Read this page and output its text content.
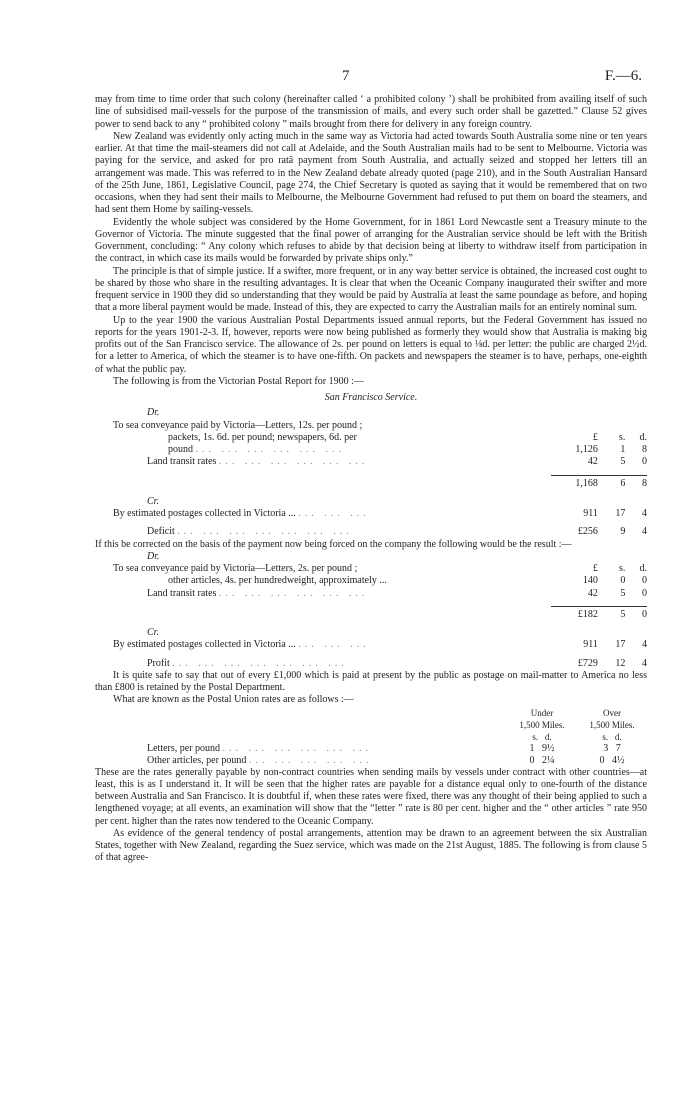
7	F.—6.

may from time to time order that such colony (hereinafter called ‘ a prohibited colony ’) shall be prohibited from availing itself of such line of subsidised mail-vessels for the purpose of the transmission of mails, and every such order shall be gazetted.” Clause 52 gives power to send back to any “ prohibited colony ” mails brought from there for delivery in any foreign country.

New Zealand was evidently only acting much in the same way as Victoria had acted towards South Australia some nine or ten years earlier. At that time the mail-steamers did not call at Adelaide, and the South Australian mails had to be sent to Melbourne. Victoria was paying for the service, and asked for pro ratâ payment from South Australia, and actually seized and stopped her letters till an arrangement was made. This was referred to in the New Zealand debate already quoted (page 210), and in the South Australian Hansard of the 25th June, 1861, Legislative Council, page 274, the Chief Secretary is quoted as saying that it would be remembered that on two occasions, when they had sent their mails to Melbourne, the Melbourne Government had refused to put them on board the steamers, and had sent them Home by sailing-vessels.

Evidently the whole subject was considered by the Home Government, for in 1861 Lord Newcastle sent a Treasury minute to the Governor of Victoria. The minute suggested that the final power of arranging for the Australian service should be left with the British Government, concluding: “ Any colony which refuses to abide by that decision being at liberty to withdraw itself from participation in the contract, in which case its mails would be forwarded by private ships only.”

The principle is that of simple justice. If a swifter, more frequent, or in any way better service is obtained, the increased cost ought to be shared by those who share in the resulting advantages. It is clear that when the Oceanic Company inaugurated their swifter and more frequent service in 1900 they did so understanding that they would be paid by Australia at least the same poundage as before, and hoping that a more liberal payment would be made. Instead of this, they are expected to carry the Australian mails for an entirely nominal sum.

Up to the year 1900 the various Australian Postal Departments issued annual reports, but the Federal Government has issued no reports for the years 1901-2-3. If, however, reports were now being published as formerly they would show that Australia is making big profits out of the San Francisco service. The allowance of 2s. per pound on letters is equal to ⅛d. per letter: the public are charged 2½d. for a letter to America, of which the steamer is to have one-fifth. On packets and newspapers the steamer is to have, perhaps, one-eighth of what the public pay.

The following is from the Victorian Postal Report for 1900 :—

San Francisco Service.

Dr.			
To sea conveyance paid by Victoria—Letters, 12s. per pound ;			
packets, 1s. 6d. per pound; newspapers, 6d. per	£	s.	d.
pound ... ... ... ... ... ...	1,126	1	8
Land transit rates ... ... ... ... ... ...	42	5	0

	1,168	6	8

Cr.			
By estimated postages collected in Victoria ... ... ... ...	911	17	4

Deficit ... ... ... ... ... ... ...	£256	9	4

If this be corrected on the basis of the payment now being forced on the company the following would be the result :—

Dr.			
To sea conveyance paid by Victoria—Letters, 2s. per pound ;	£	s.	d.
other articles, 4s. per hundredweight, approximately ...	140	0	0
Land transit rates ... ... ... ... ... ...	42	5	0

	£182	5	0

Cr.			
By estimated postages collected in Victoria ... ... ... ...	911	17	4

Profit ... ... ... ... ... ... ...	£729	12	4

It is quite safe to say that out of every £1,000 which is paid at present by the public as postage on mail-matter to America no less than £800 is retained by the Postal Department.

What are known as the Postal Union rates are as follows :—

	Under	Over
	1,500 Miles.	1,500 Miles.
	s.   d.	s.   d.
Letters, per pound ... ... ... ... ... ...	1   9½	3   7
Other articles, per pound ... ... ... ... ...	0   2¼	0   4½

These are the rates generally payable by non-contract countries when sending mails by vessels under contract with other countries—at least, this is as I understand it. It will be seen that the higher rates are payable for a distance equal only to one-fourth of the distance between Australia and San Francisco. It is doubtful if, when these rates were fixed, there was any thought of their being applied to such a lengthened voyage; at all events, an examination will show that the “letter ” rate is 80 per cent. higher and the “ other articles ” rate 950 per cent. higher than the rates now tendered to the Oceanic Company.

As evidence of the general tendency of postal arrangements, attention may be drawn to an agreement between the six Australian States, together with New Zealand, regarding the Suez service, which was made on the 21st August, 1885. The following is from clause 5 of that agree-
